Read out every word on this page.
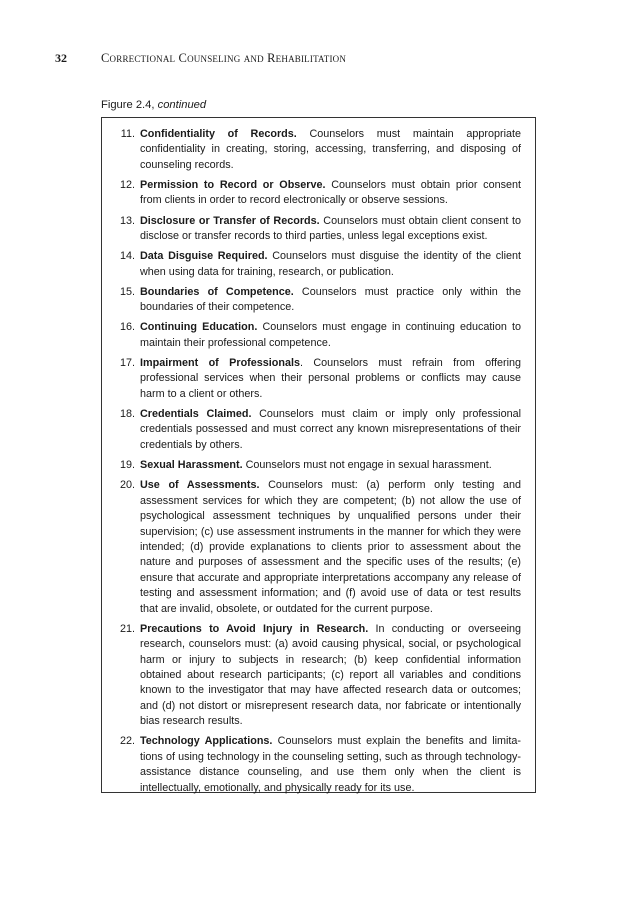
32	Correctional Counseling and Rehabilitation
Figure 2.4, continued
11. Confidentiality of Records. Counselors must maintain appropriate confidentiality in creating, storing, accessing, transferring, and disposing of counseling records.
12. Permission to Record or Observe. Counselors must obtain prior consent from clients in order to record electronically or observe sessions.
13. Disclosure or Transfer of Records. Counselors must obtain client consent to disclose or transfer records to third parties, unless legal exceptions exist.
14. Data Disguise Required. Counselors must disguise the identity of the client when using data for training, research, or publication.
15. Boundaries of Competence. Counselors must practice only within the boundaries of their competence.
16. Continuing Education. Counselors must engage in continuing education to maintain their professional competence.
17. Impairment of Professionals. Counselors must refrain from offering professional services when their personal problems or conflicts may cause harm to a client or others.
18. Credentials Claimed. Counselors must claim or imply only professional credentials possessed and must correct any known misrepresentations of their credentials by others.
19. Sexual Harassment. Counselors must not engage in sexual harassment.
20. Use of Assessments. Counselors must: (a) perform only testing and assessment services for which they are competent; (b) not allow the use of psychological assessment techniques by unqualified persons under their supervision; (c) use assessment instruments in the manner for which they were intended; (d) provide explanations to clients prior to assessment about the nature and purposes of assessment and the specific uses of the results; (e) ensure that accurate and appropriate interpretations accompany any release of testing and assessment information; and (f) avoid use of data or test results that are invalid, obsolete, or outdated for the current purpose.
21. Precautions to Avoid Injury in Research. In conducting or overseeing research, counselors must: (a) avoid causing physical, social, or psychological harm or injury to subjects in research; (b) keep confidential information obtained about research participants; (c) report all variables and conditions known to the investigator that may have affected research data or outcomes; and (d) not distort or misrepresent research data, nor fabricate or intentionally bias research results.
22. Technology Applications. Counselors must explain the benefits and limitations of using technology in the counseling setting, such as through technology-assistance distance counseling, and use them only when the client is intellectually, emotionally, and physically ready for its use.
